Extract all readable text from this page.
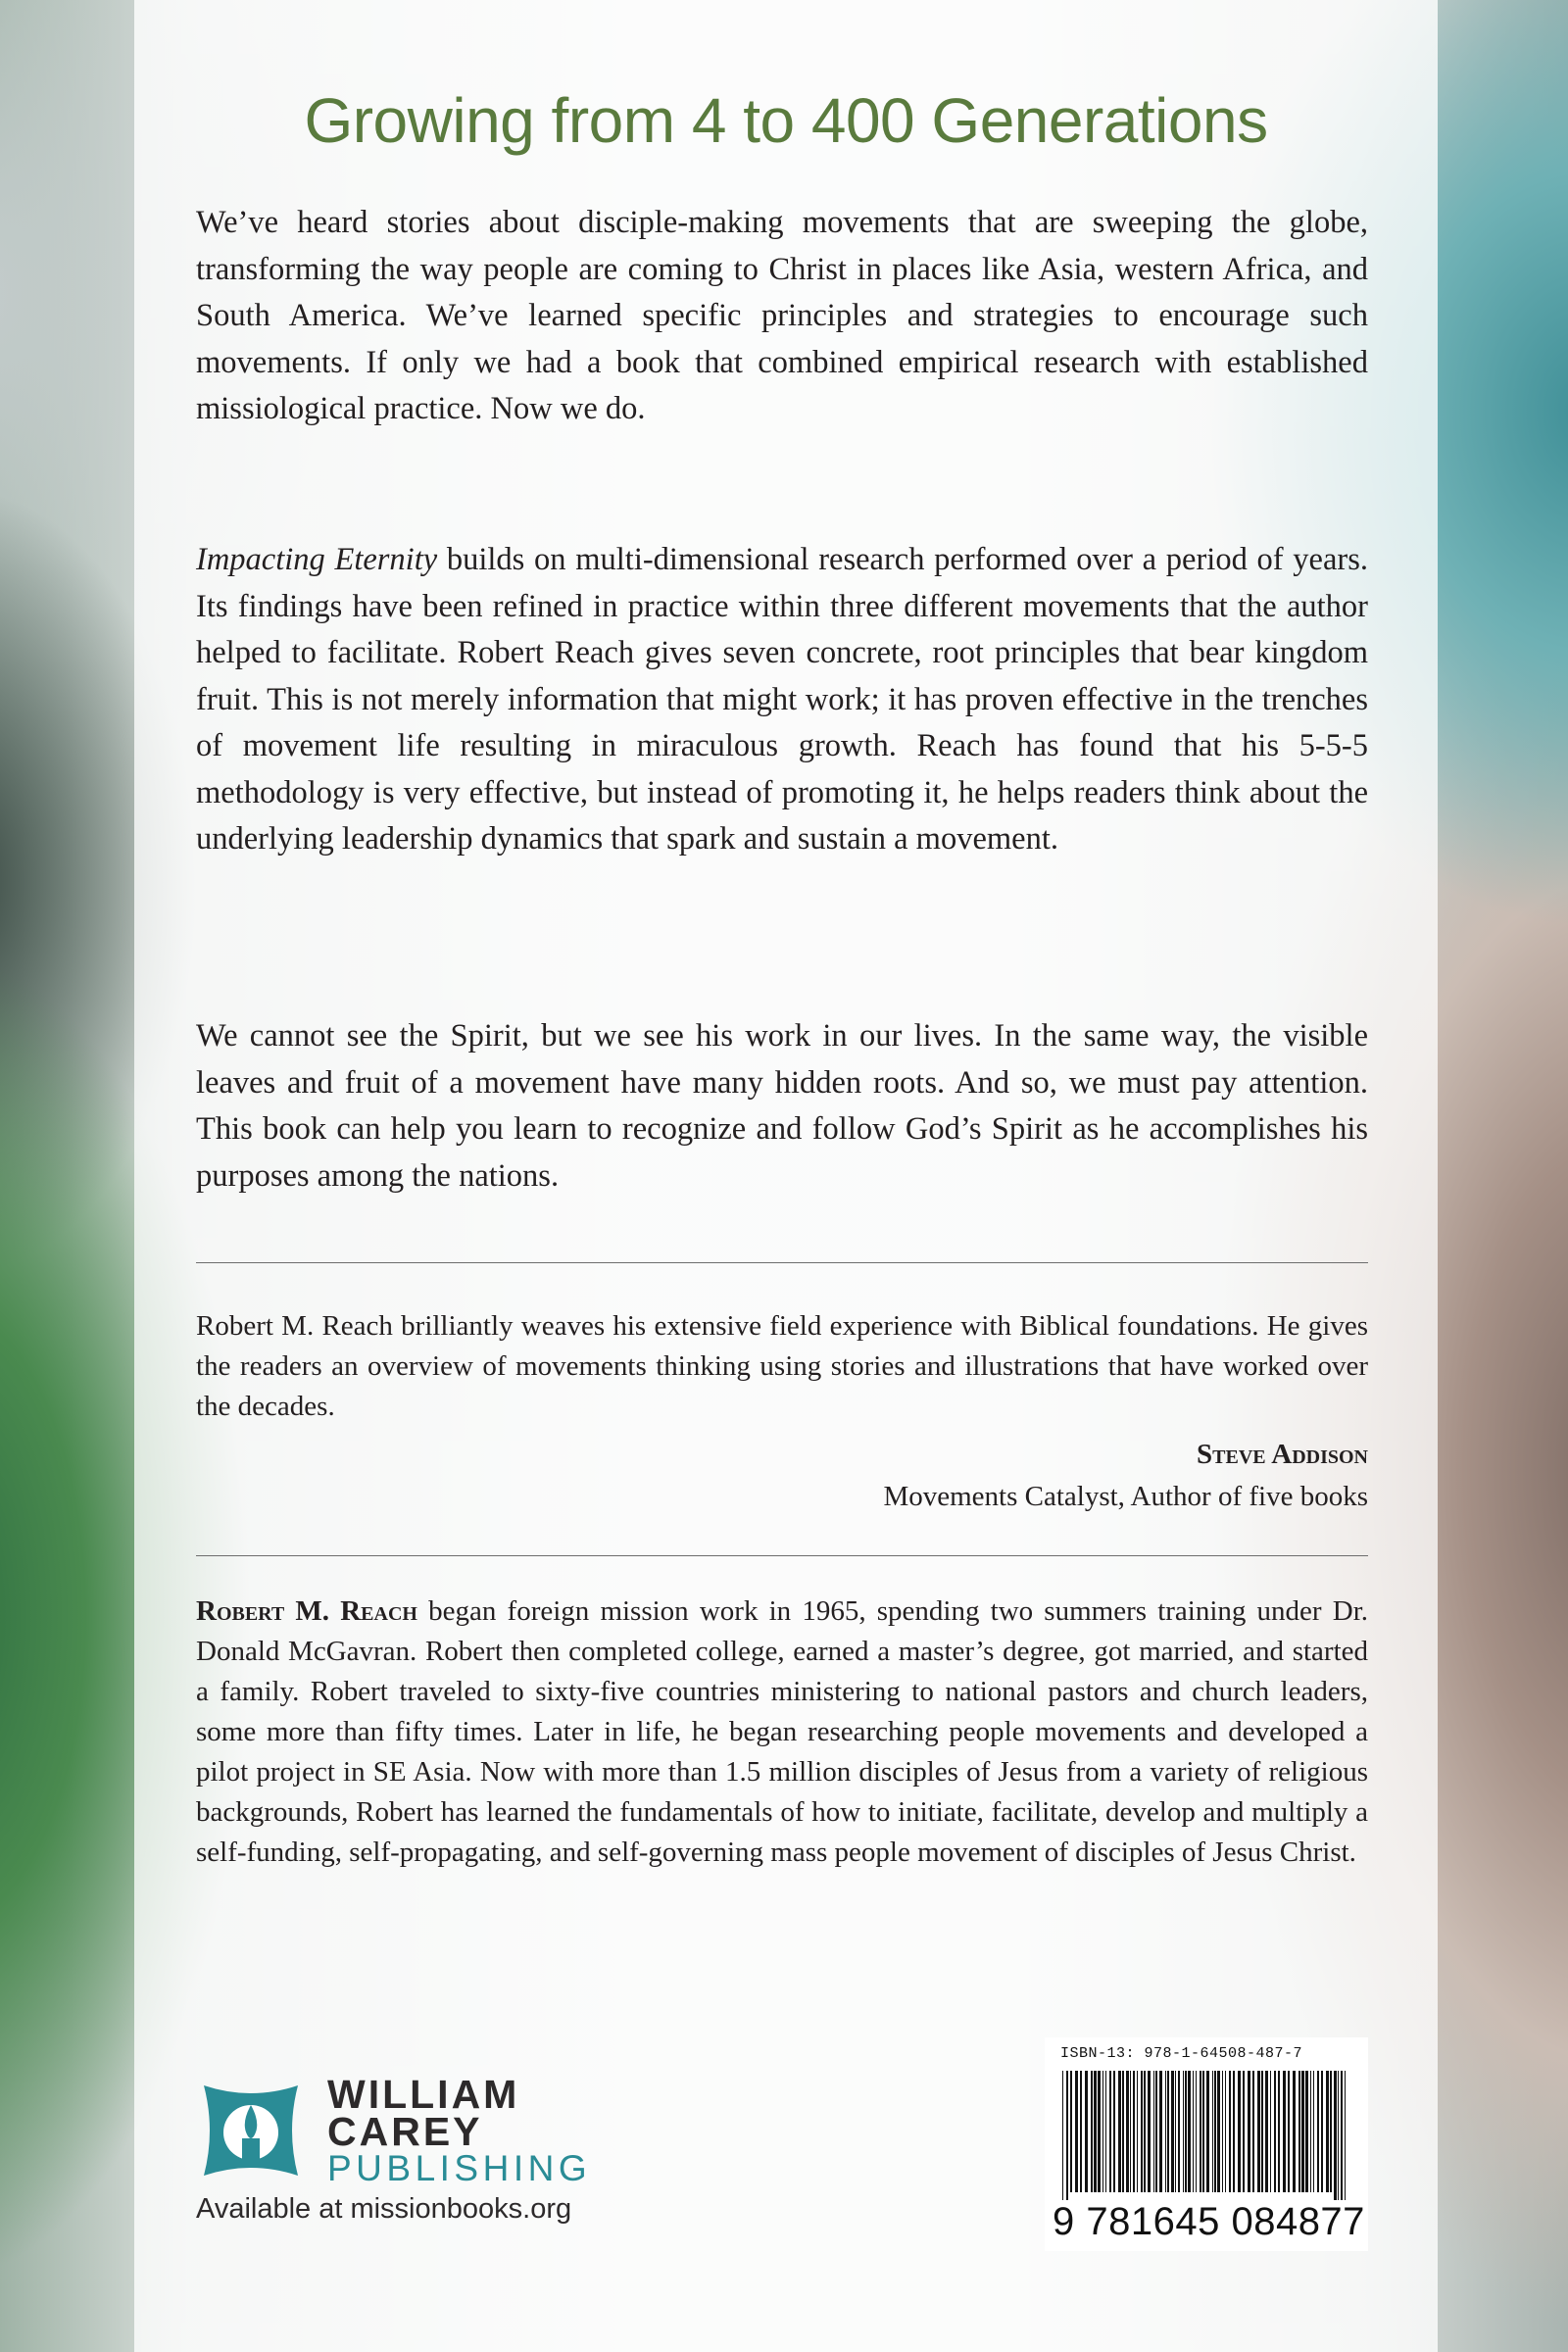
Growing from 4 to 400 Generations

We’ve heard stories about disciple-making movements that are sweeping the globe, transforming the way people are coming to Christ in places like Asia, western Africa, and South America. We’ve learned specific principles and strategies to encourage such movements. If only we had a book that combined empirical research with established missiological practice. Now we do.

Impacting Eternity builds on multi-dimensional research performed over a period of years. Its findings have been refined in practice within three different movements that the author helped to facilitate. Robert Reach gives seven concrete, root principles that bear kingdom fruit. This is not merely information that might work; it has proven effective in the trenches of movement life resulting in miraculous growth. Reach has found that his 5-5-5 methodology is very effective, but instead of promoting it, he helps readers think about the underlying leadership dynamics that spark and sustain a movement.

We cannot see the Spirit, but we see his work in our lives. In the same way, the visible leaves and fruit of a movement have many hidden roots. And so, we must pay attention. This book can help you learn to recognize and follow God’s Spirit as he accomplishes his purposes among the nations.

Robert M. Reach brilliantly weaves his extensive field experience with Biblical foundations. He gives the readers an overview of movements thinking using stories and illustrations that have worked over the decades.

Steve Addison
Movements Catalyst, Author of five books

Robert M. Reach began foreign mission work in 1965, spending two summers training under Dr. Donald McGavran. Robert then completed college, earned a master’s degree, got married, and started a family. Robert traveled to sixty-five countries ministering to national pastors and church leaders, some more than fifty times. Later in life, he began researching people movements and developed a pilot project in SE Asia. Now with more than 1.5 million disciples of Jesus from a variety of religious backgrounds, Robert has learned the fundamentals of how to initiate, facilitate, develop and multiply a self-funding, self-propagating, and self-governing mass people movement of disciples of Jesus Christ.

WILLIAM
CAREY
PUBLISHING
Available at missionbooks.org
ISBN-13: 978-1-64508-487-7
9 781645 084877
